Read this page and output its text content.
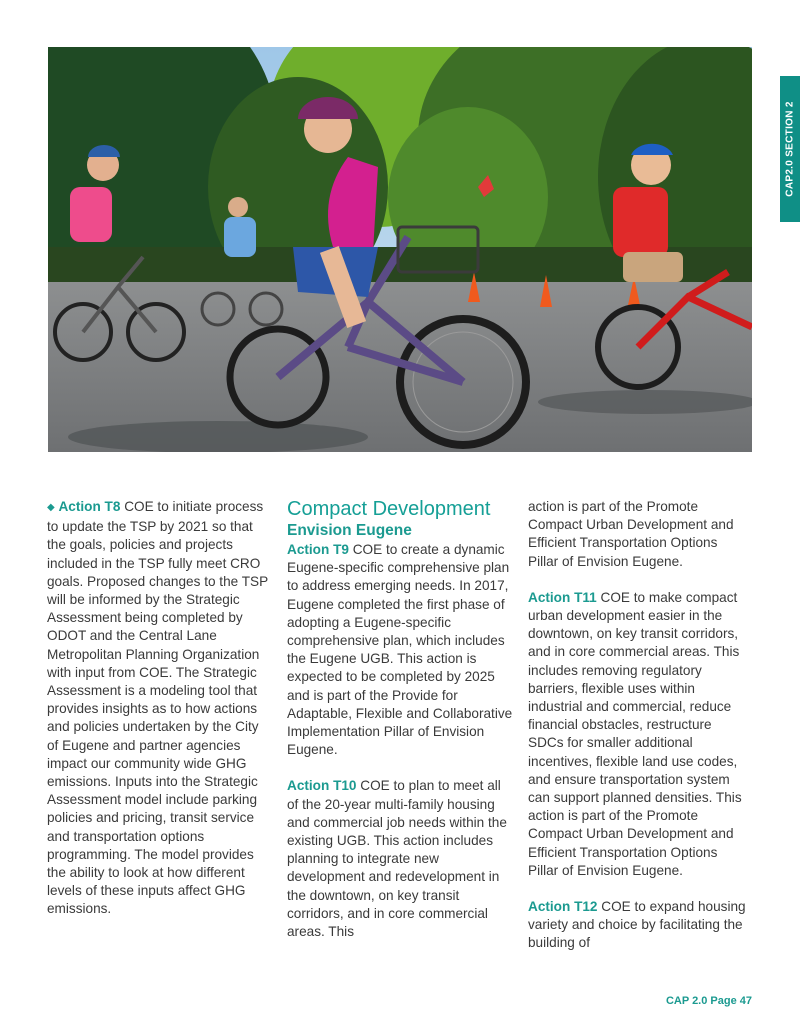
CAP2.0 SECTION 2

◆ Action T8 COE to initiate process to update the TSP by 2021 so that the goals, policies and projects included in the TSP fully meet CRO goals. Proposed changes to the TSP will be informed by the Strategic Assessment being completed by ODOT and the Central Lane Metropolitan Planning Organization with input from COE. The Strategic Assessment is a modeling tool that provides insights as to how actions and policies undertaken by the City of Eugene and partner agencies impact our community wide GHG emissions. Inputs into the Strategic Assessment model include parking policies and pricing, transit service and transportation options programming. The model provides the ability to look at how different levels of these inputs affect GHG emissions.

Compact Development
Envision Eugene

Action T9 COE to create a dynamic Eugene-specific comprehensive plan to address emerging needs. In 2017, Eugene completed the first phase of adopting a Eugene-specific comprehensive plan, which includes the Eugene UGB. This action is expected to be completed by 2025 and is part of the Provide for Adaptable, Flexible and Collaborative Implementation Pillar of Envision Eugene.

Action T10 COE to plan to meet all of the 20-year multi-family housing and commercial job needs within the existing UGB. This action includes planning to integrate new development and redevelopment in the downtown, on key transit corridors, and in core commercial areas. This

action is part of the Promote Compact Urban Development and Efficient Transportation Options Pillar of Envision Eugene.

Action T11 COE to make compact urban development easier in the downtown, on key transit corridors, and in core commercial areas. This includes removing regulatory barriers, flexible uses within industrial and commercial, reduce financial obstacles, restructure SDCs for smaller additional incentives, flexible land use codes, and ensure transportation system can support planned densities. This action is part of the Promote Compact Urban Development and Efficient Transportation Options Pillar of Envision Eugene.

Action T12 COE to expand housing variety and choice by facilitating the building of

CAP 2.0 Page 47
